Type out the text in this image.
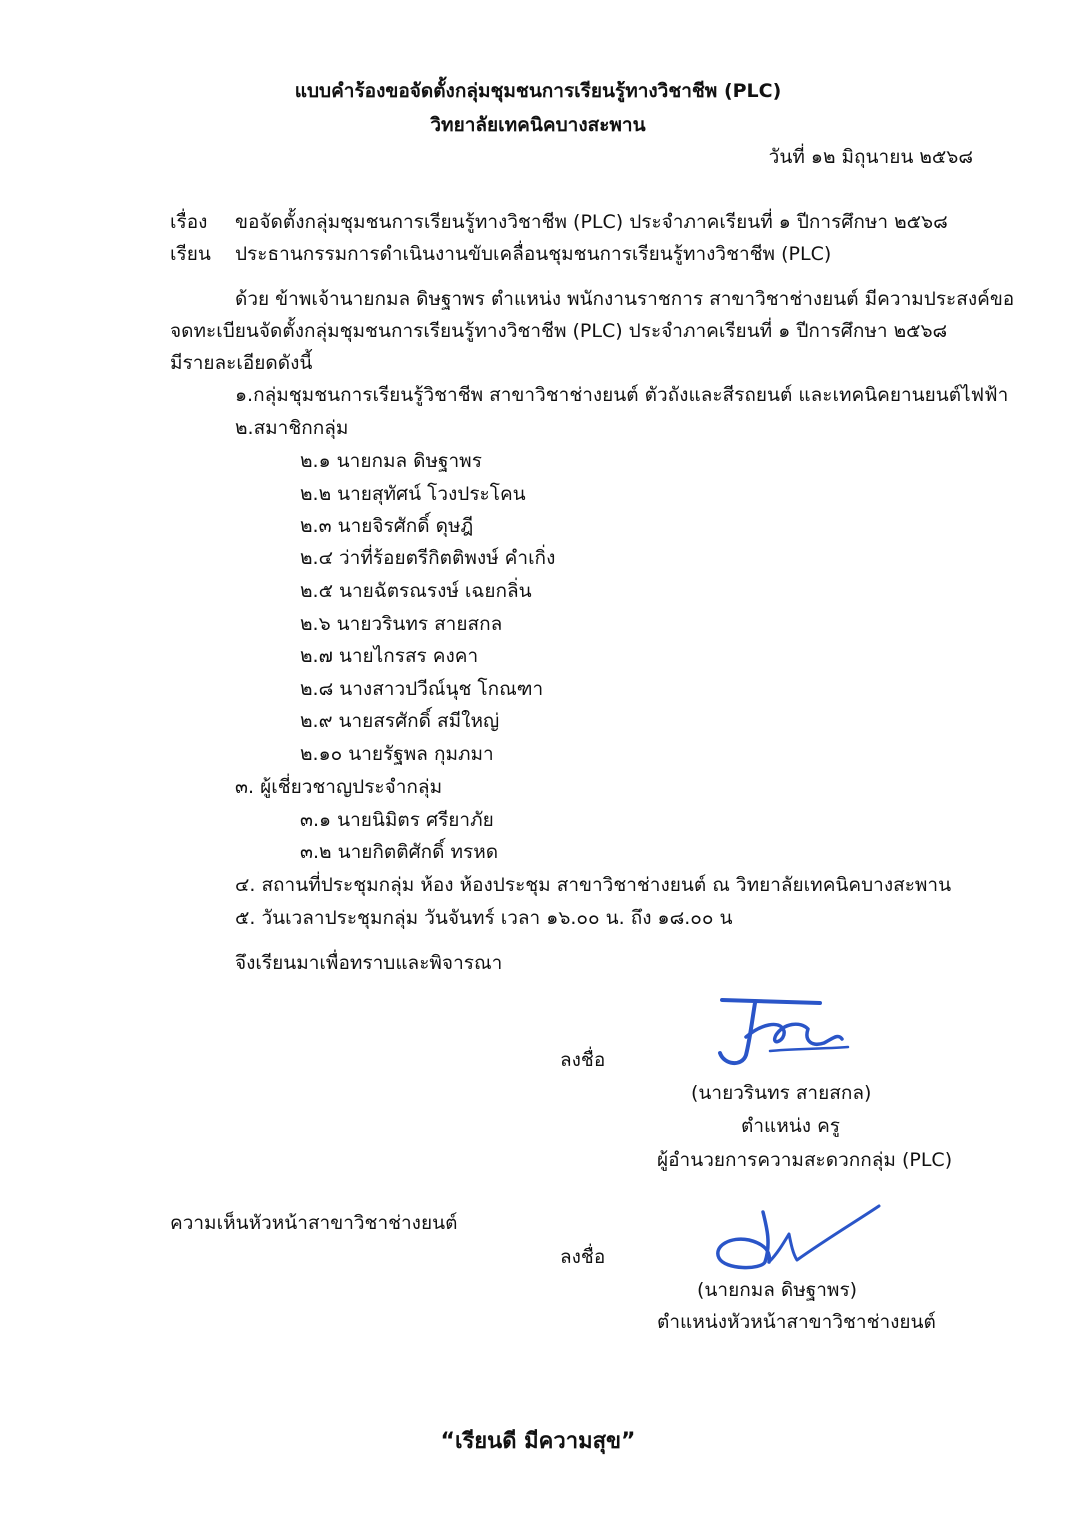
แบบคำร้องขอจัดตั้งกลุ่มชุมชนการเรียนรู้ทางวิชาชีพ (PLC)
วิทยาลัยเทคนิคบางสะพาน
วันที่ ๑๒ มิถุนายน ๒๕๖๘
เรื่อง ขอจัดตั้งกลุ่มชุมชนการเรียนรู้ทางวิชาชีพ (PLC) ประจำภาคเรียนที่ ๑ ปีการศึกษา ๒๕๖๘
เรียน ประธานกรรมการดำเนินงานขับเคลื่อนชุมชนการเรียนรู้ทางวิชาชีพ (PLC)
ด้วย ข้าพเจ้านายกมล ดิษฐาพร ตำแหน่ง พนักงานราชการ สาขาวิชาช่างยนต์ มีความประสงค์ขอ
จดทะเบียนจัดตั้งกลุ่มชุมชนการเรียนรู้ทางวิชาชีพ (PLC) ประจำภาคเรียนที่ ๑ ปีการศึกษา ๒๕๖๘
มีรายละเอียดดังนี้
๑.กลุ่มชุมชนการเรียนรู้วิชาชีพ สาขาวิชาช่างยนต์ ตัวถังและสีรถยนต์ และเทคนิคยานยนต์ไฟฟ้า
๒.สมาชิกกลุ่ม
๒.๑ นายกมล ดิษฐาพร
๒.๒ นายสุทัศน์ โวงประโคน
๒.๓ นายจิรศักดิ์ ดุษฎี
๒.๔ ว่าที่ร้อยตรีกิตติพงษ์ คำเกิ่ง
๒.๕ นายฉัตรณรงษ์ เฉยกลิ่น
๒.๖ นายวรินทร สายสกล
๒.๗ นายไกรสร คงคา
๒.๘ นางสาวปวีณ์นุช โกณฑา
๒.๙ นายสรศักดิ์ สมีใหญ่
๒.๑๐ นายรัฐพล กุมภมา
๓. ผู้เชี่ยวชาญประจำกลุ่ม
๓.๑ นายนิมิตร ศรียาภัย
๓.๒ นายกิตติศักดิ์ ทรหด
๔. สถานที่ประชุมกลุ่ม ห้อง ห้องประชุม สาขาวิชาช่างยนต์ ณ วิทยาลัยเทคนิคบางสะพาน
๕. วันเวลาประชุมกลุ่ม วันจันทร์ เวลา ๑๖.๐๐ น. ถึง ๑๘.๐๐ น
จึงเรียนมาเพื่อทราบและพิจารณา
ลงชื่อ
(นายวรินทร สายสกล)
ตำแหน่ง ครู
ผู้อำนวยการความสะดวกกลุ่ม (PLC)
ความเห็นหัวหน้าสาขาวิชาช่างยนต์
ลงชื่อ
(นายกมล ดิษฐาพร)
ตำแหน่งหัวหน้าสาขาวิชาช่างยนต์
“เรียนดี มีความสุข”
